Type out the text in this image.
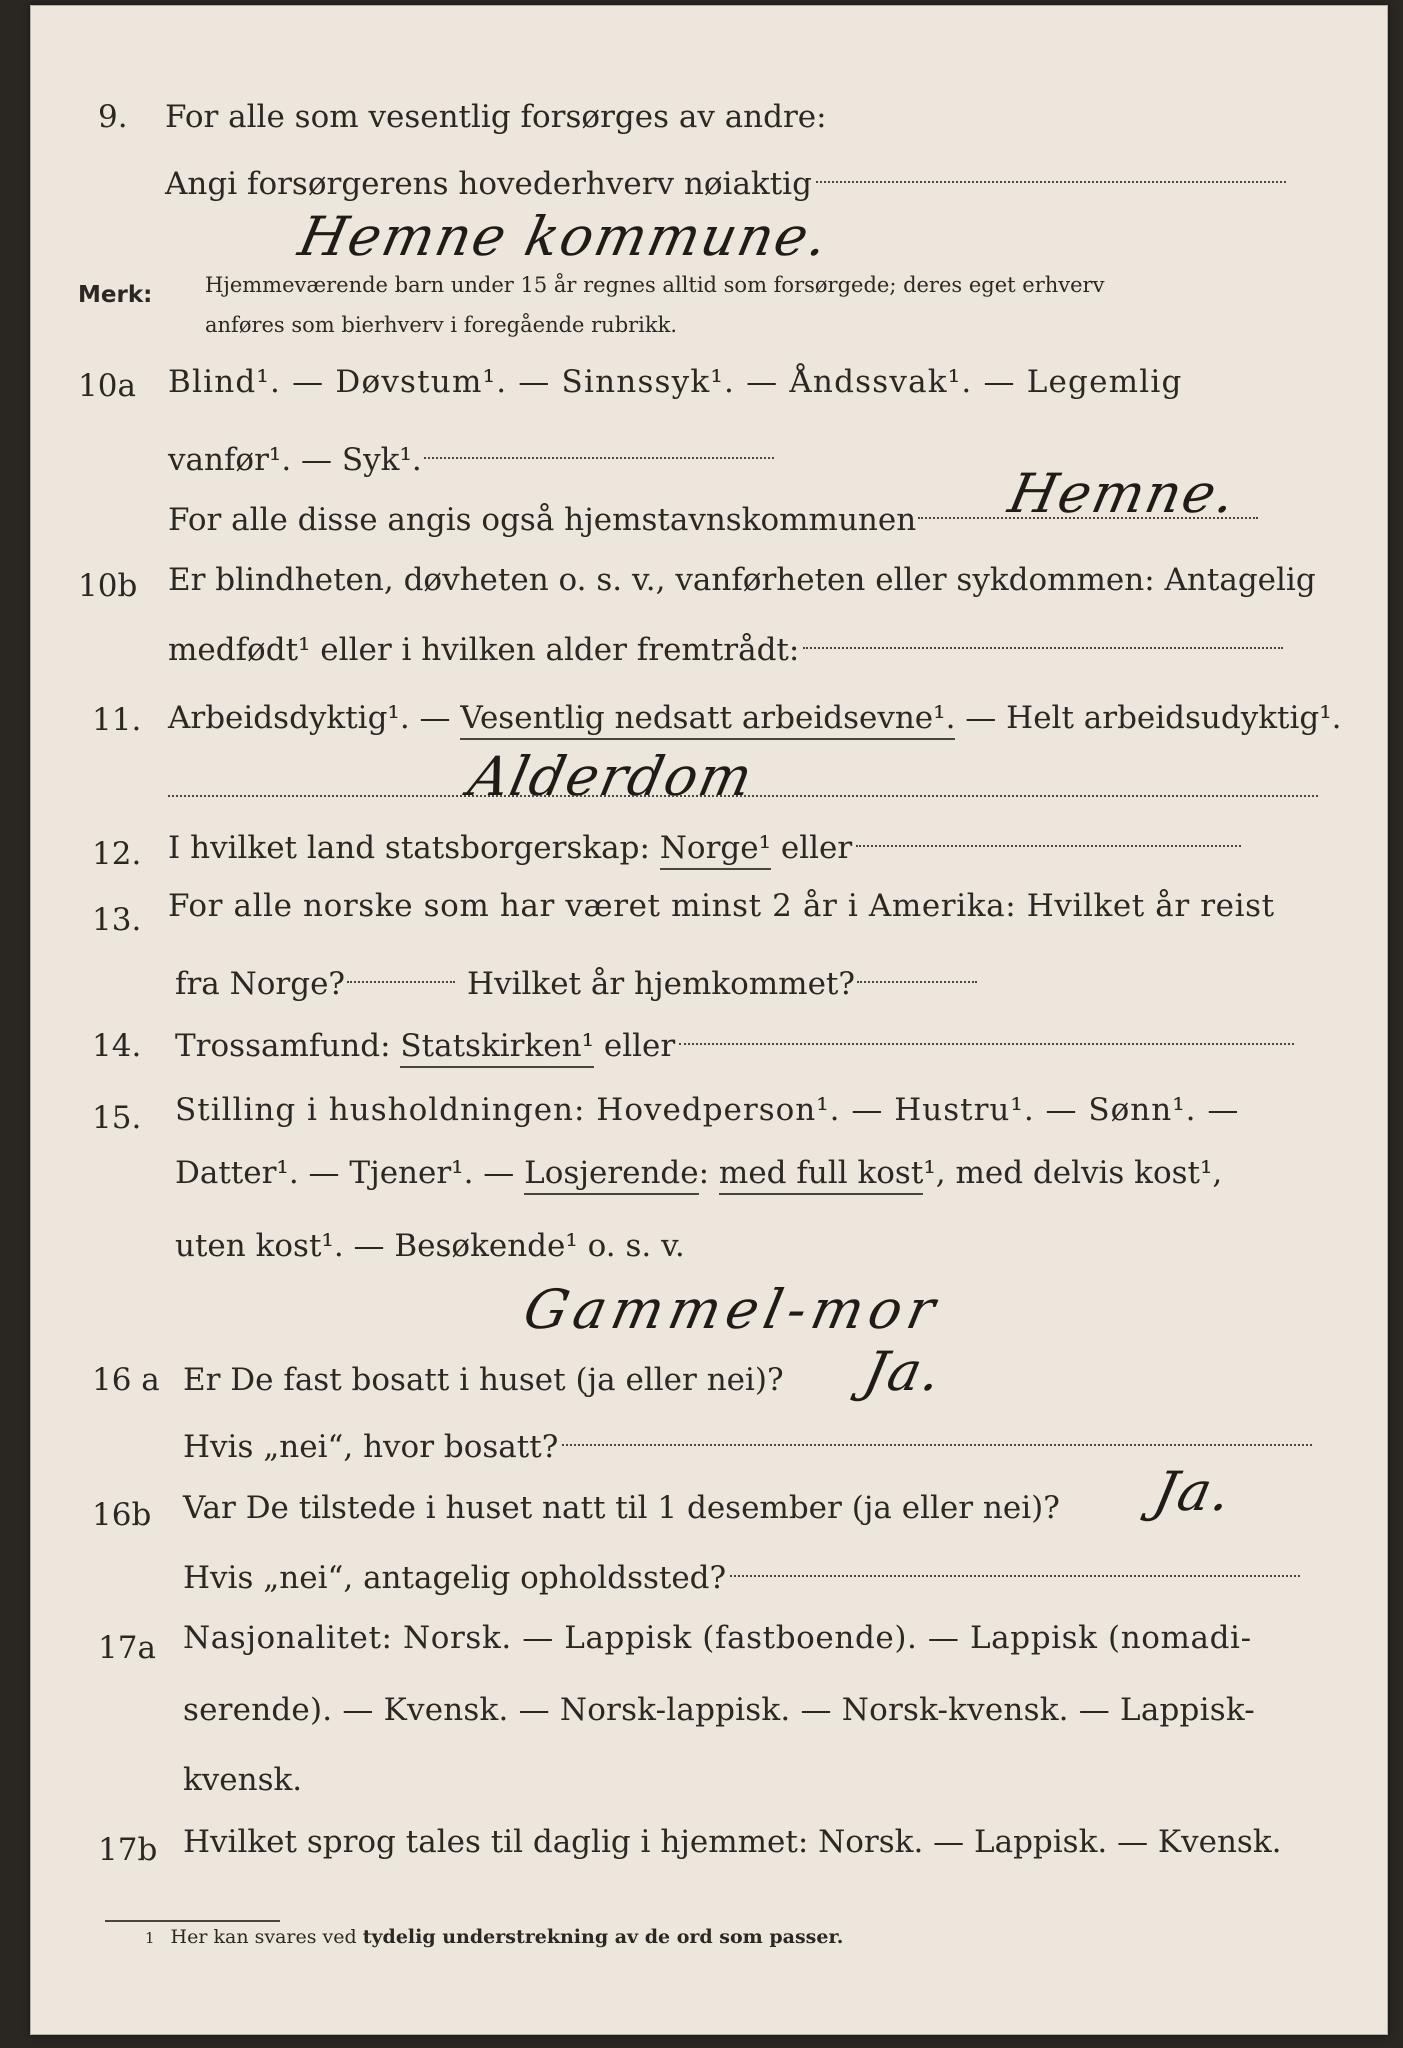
9. For alle som vesentlig forsørges av andre:
Angi forsørgerens hovederhverv nøiaktig
Hemne kommune.
Merk:	Hjemmeværende barn under 15 år regnes alltid som forsørgede; deres eget erhverv
anføres som bierhverv i foregående rubrikk.
10a Blind¹. — Døvstum¹. — Sinnssyk¹. — Åndssvak¹. — Legemlig
vanfør¹. — Syk¹.
For alle disse angis også hjemstavnskommunen	Hemne.
10b Er blindheten, døvheten o. s. v., vanførheten eller sykdommen: Antagelig
medfødt¹ eller i hvilken alder fremtrådt:
11. Arbeidsdyktig¹. — Vesentlig nedsatt arbeidsevne¹. — Helt arbeidsudyktig¹.
Alderdom
12. I hvilket land statsborgerskap: Norge¹ eller
13. For alle norske som har været minst 2 år i Amerika: Hvilket år reist
fra Norge?	Hvilket år hjemkommet?
14. Trossamfund: Statskirken¹ eller
15. Stilling i husholdningen: Hovedperson¹. — Hustru¹. — Sønn¹. —
Datter¹. — Tjener¹. — Losjerende: med full kost¹, med delvis kost¹,
uten kost¹. — Besøkende¹ o. s. v.
Gammel-mor
16 a Er De fast bosatt i huset (ja eller nei)? Ja.
Hvis „nei“, hvor bosatt?
16b Var De tilstede i huset natt til 1 desember (ja eller nei)? Ja.
Hvis „nei“, antagelig opholdssted?
17a Nasjonalitet: Norsk. — Lappisk (fastboende). — Lappisk (nomadi-
serende). — Kvensk. — Norsk-lappisk. — Norsk-kvensk. — Lappisk-
kvensk.
17b Hvilket sprog tales til daglig i hjemmet: Norsk. — Lappisk. — Kvensk.
1 Her kan svares ved tydelig understrekning av de ord som passer.
